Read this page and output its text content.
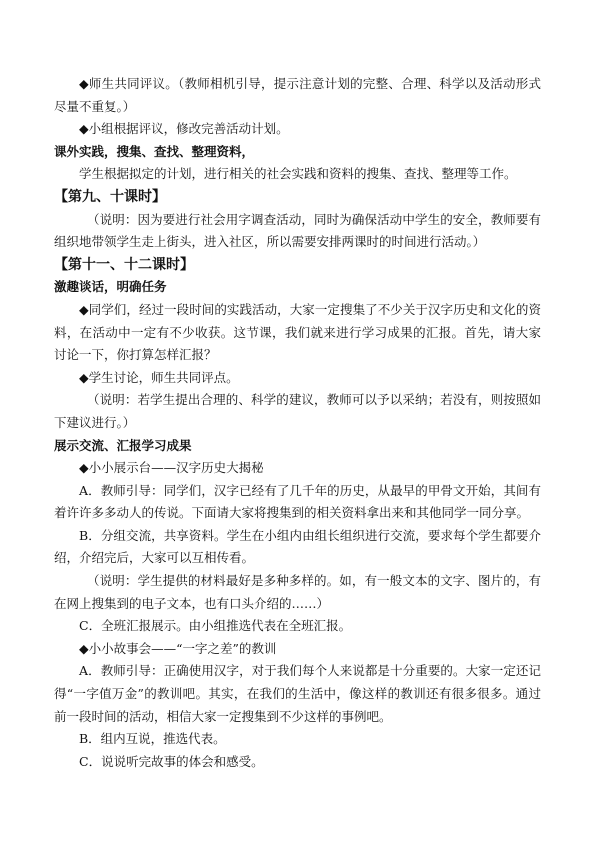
◆师生共同评议。（教师相机引导，提示注意计划的完整、合理、科学以及活动形式尽量不重复。）

◆小组根据评议，修改完善活动计划。

课外实践，搜集、查找、整理资料，

学生根据拟定的计划，进行相关的社会实践和资料的搜集、查找、整理等工作。

【第九、十课时】

（说明：因为要进行社会用字调查活动，同时为确保活动中学生的安全，教师要有组织地带领学生走上街头，进入社区，所以需要安排两课时的时间进行活动。）

【第十一、十二课时】

激趣谈话，明确任务

◆同学们，经过一段时间的实践活动，大家一定搜集了不少关于汉字历史和文化的资料，在活动中一定有不少收获。这节课，我们就来进行学习成果的汇报。首先，请大家讨论一下，你打算怎样汇报？

◆学生讨论，师生共同评点。

（说明：若学生提出合理的、科学的建议，教师可以予以采纳；若没有，则按照如下建议进行。）

展示交流、汇报学习成果

◆小小展示台——汉字历史大揭秘

A．教师引导：同学们，汉字已经有了几千年的历史，从最早的甲骨文开始，其间有着许许多多动人的传说。下面请大家将搜集到的相关资料拿出来和其他同学一同分享。

B．分组交流，共享资料。学生在小组内由组长组织进行交流，要求每个学生都要介绍，介绍完后，大家可以互相传看。

（说明：学生提供的材料最好是多种多样的。如，有一般文本的文字、图片的，有在网上搜集到的电子文本，也有口头介绍的……）

C．全班汇报展示。由小组推选代表在全班汇报。

◆小小故事会——“一字之差”的教训

A．教师引导：正确使用汉字，对于我们每个人来说都是十分重要的。大家一定还记得“一字值万金”的教训吧。其实，在我们的生活中，像这样的教训还有很多很多。通过前一段时间的活动，相信大家一定搜集到不少这样的事例吧。

B．组内互说，推选代表。

C．说说听完故事的体会和感受。
